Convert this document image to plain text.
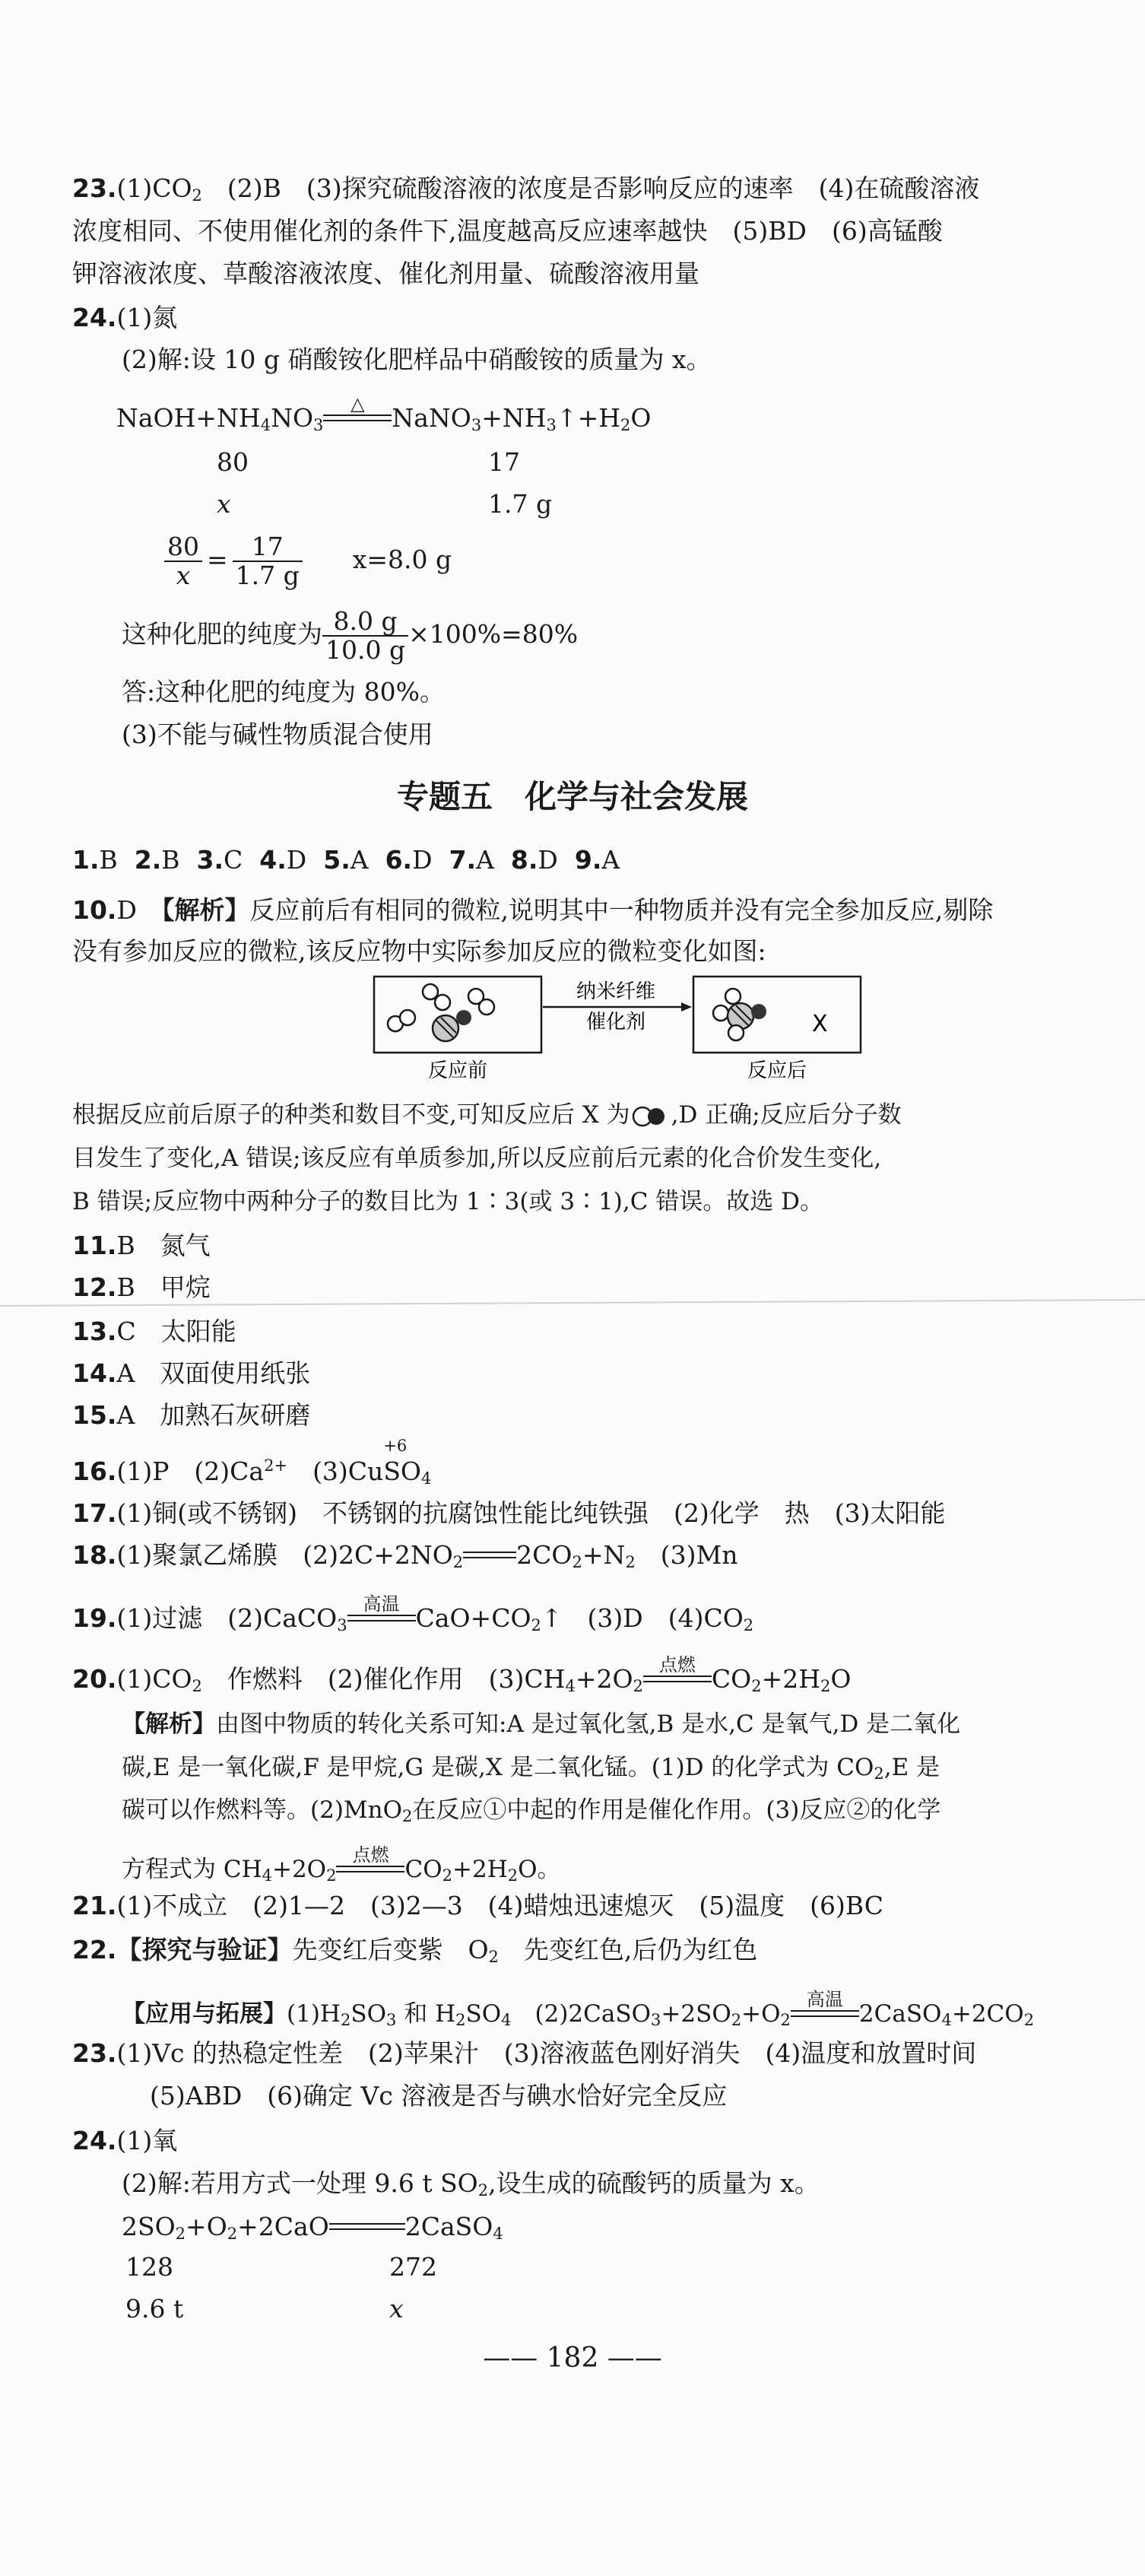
$23.(1)CO_2$　(2)B　(3)探究硫酸溶液的浓度是否影响反应的速率　(4)在硫酸溶液
浓度相同、不使用催化剂的条件下,温度越高反应速率越快　(5)BD　(6)高锰酸
钾溶液浓度、草酸溶液浓度、催化剂用量、硫酸溶液用量
24.(1)氮
(2)解:设 10 g 硝酸铵化肥样品中硝酸铵的质量为 x。
$NaOH+NH_4NO_3$
△	$NaNO_3+NH_3↑+H_2O$
80	17
x	1.7 g
$\frac{80}{x} = \frac{17}{1.7 g} x=8.0$ g
这种化肥的纯度为 $\frac{8.0 g}{10.0 g} \times 100\%=80\%$
答:这种化肥的纯度为 80%。
(3)不能与碱性物质混合使用
专题五　化学与社会发展
1.B 2.B 3.C 4.D 5.A 6.D 7.A 8.D 9.A
10.D　 【解析】反应前后有相同的微粒,说明其中一种物质并没有完全参加反应,剔除
没有参加反应的微粒,该反应物中实际参加反应的微粒变化如图:
纳米纤维
催化剂	X
反应前	反应后
根据反应前后原子的种类和数目不变,可知反应后 X 为 ,D 正确;反应后分子数
目发生了变化,A 错误;该反应有单质参加,所以反应前后元素的化合价发生变化,
B 错误;反应物中两种分子的数目比为 1∶3(或 3∶1),C 错误。故选 D。
11.B　氮气
12.B　甲烷
13.C　太阳能
14.A　双面使用纸张
15.A　加熟石灰研磨
16.(1)P　$(2)Ca^{2+}$　(3)Cu
+6
$SO_4$
17.(1)铜(或不锈钢)　不锈钢的抗腐蚀性能比纯铁强　(2)化学　热　(3)太阳能
18.(1)聚氯乙烯膜　$(2)2C+2NO_2$ $2CO_2+N_2$　(3)Mn
19.(1)过滤　(2)CaCO$_3$
高温 $CaO+CO_2↑$　(3)D　$(4)CO_2$
$20.(1)CO_2$　作燃料　(2)催化作用　$(3)CH_4+2O_2$
点燃 $CO_2+2H_2O$
【解析】由图中物质的转化关系可知:A 是过氧化氢,B 是水,C 是氧气,D 是二氧化
碳,E 是一氧化碳,F 是甲烷,G 是碳,X 是二氧化锰。(1)D 的化学式为 $CO_2,E$ 是
碳可以作燃料等。(2)MnO$_2$在反应①中起的作用是催化作用。(3)反应②的化学
方程式为 $CH_4+2O_2$
点燃
$CO_2+2H_2O$。
21.(1)不成立　(2)1—2　(3)2—3　(4)蜡烛迅速熄灭　(5)温度　(6)BC
22.【探究与验证】先变红后变紫　$O_2$　先变红色,后仍为红色
【应用与拓展】$(1)H_2SO_3$ 和 $H_2SO_4$　$(2)2CaSO_3+2SO_2+O_2$
高温
$2CaSO_4+2CO_2$
23.(1)Vc 的热稳定性差　(2)苹果汁　(3)溶液蓝色刚好消失　(4)温度和放置时间
(5)ABD　(6)确定 Vc 溶液是否与碘水恰好完全反应
24.(1)氧
(2)解:若用方式一处理 9.6 t $SO_2$,设生成的硫酸钙的质量为 x。
$2SO_2+O_2+2CaO$	2CaSO$_4$
128	272
9.6 t	x
—— 182 ——
